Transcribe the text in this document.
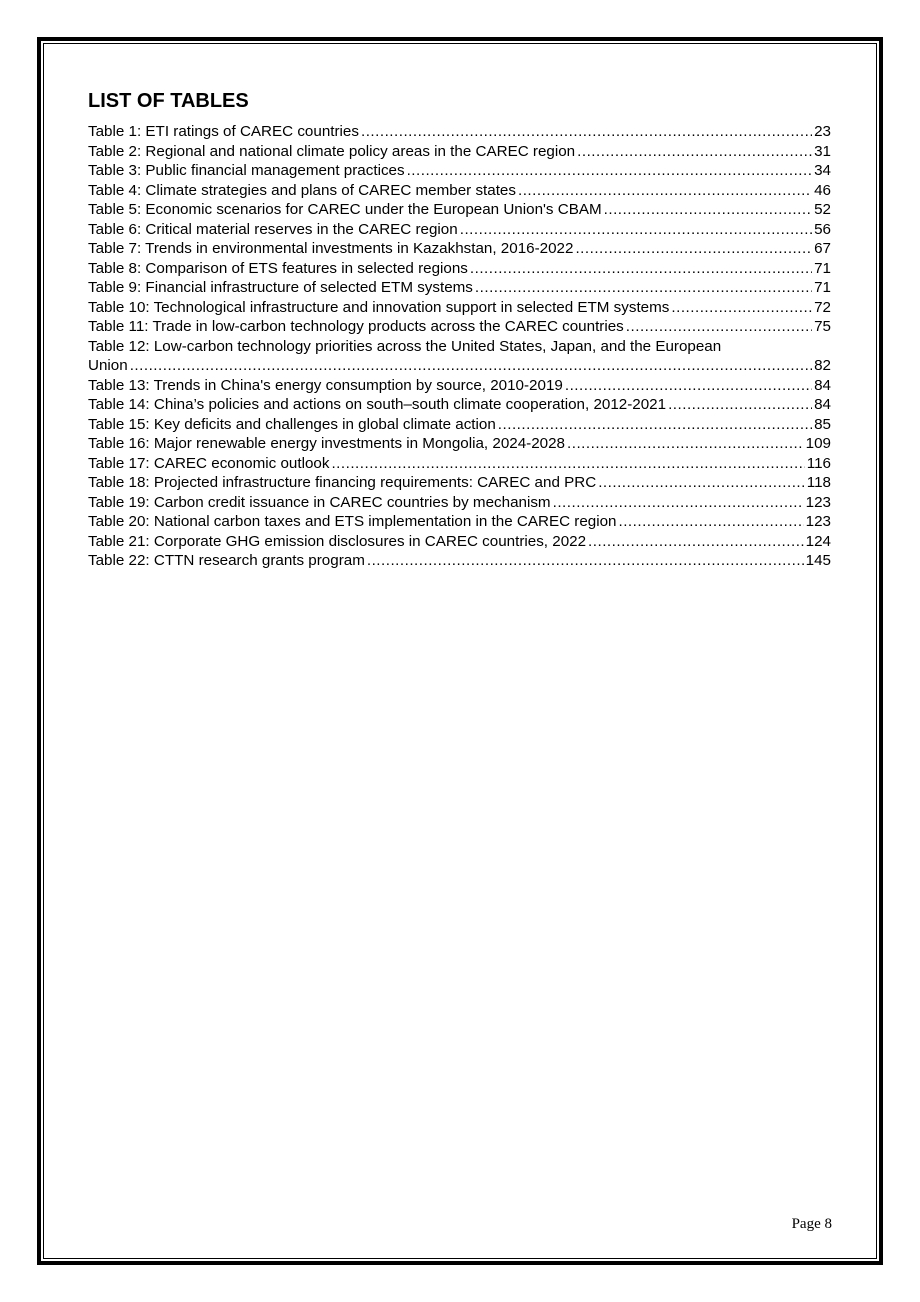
LIST OF TABLES
Table 1: ETI ratings of CAREC countries .....	23
Table 2: Regional and national climate policy areas in the CAREC region .....	31
Table 3: Public financial management practices .....	34
Table 4: Climate strategies and plans of CAREC member states .....	46
Table 5: Economic scenarios for CAREC under the European Union's CBAM .....	52
Table 6: Critical material reserves in the CAREC region .....	56
Table 7: Trends in environmental investments in Kazakhstan, 2016-2022 .....	67
Table 8: Comparison of ETS features in selected regions .....	71
Table 9: Financial infrastructure of selected ETM systems .....	71
Table 10: Technological infrastructure and innovation support in selected ETM systems .....	72
Table 11: Trade in low-carbon technology products across the CAREC countries .....	75
Table 12: Low-carbon technology priorities across the United States, Japan, and the European
Union .....	82
Table 13: Trends in China's energy consumption by source, 2010-2019 .....	84
Table 14: China’s policies and actions on south–south climate cooperation, 2012-2021 .....	84
Table 15: Key deficits and challenges in global climate action .....	85
Table 16: Major renewable energy investments in Mongolia, 2024-2028 .....	109
Table 17: CAREC economic outlook .....	116
Table 18: Projected infrastructure financing requirements: CAREC and PRC .....	118
Table 19: Carbon credit issuance in CAREC countries by mechanism .....	123
Table 20: National carbon taxes and ETS implementation in the CAREC region .....	123
Table 21: Corporate GHG emission disclosures in CAREC countries, 2022 .....	124
Table 22: CTTN research grants program .....	145
Page 8
